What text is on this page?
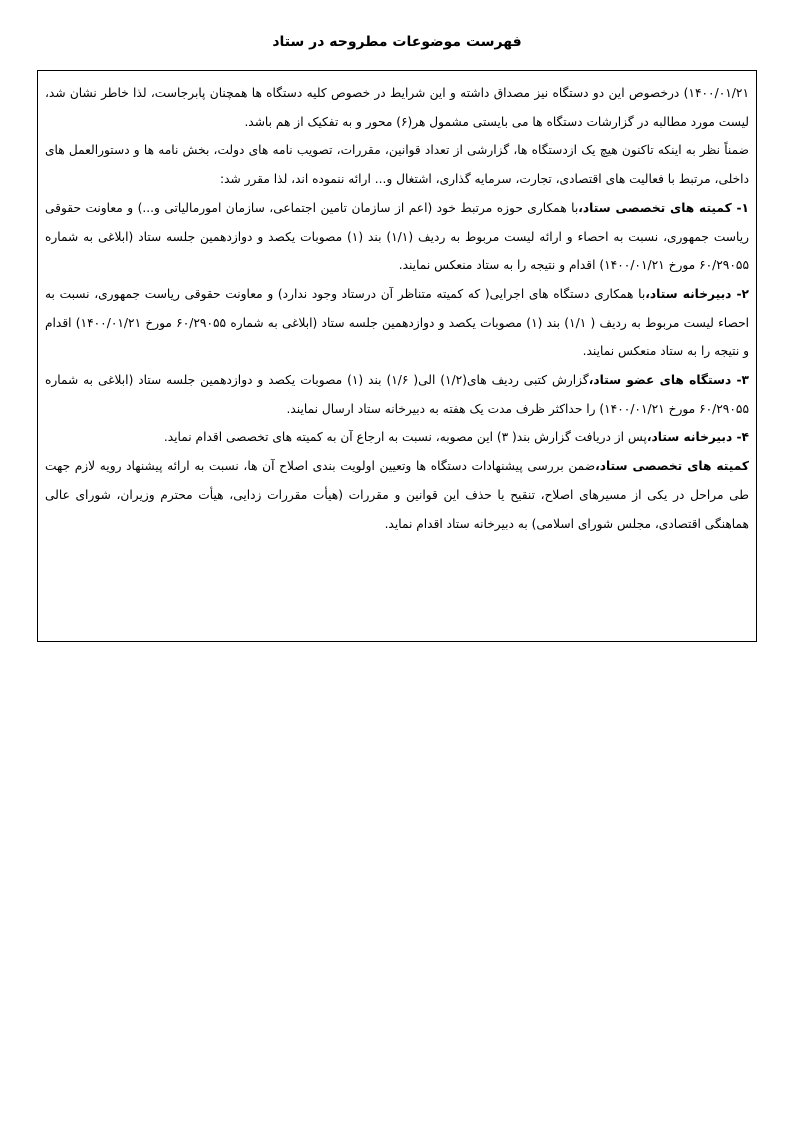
فهرست موضوعات مطروحه در ستاد

۱۴۰۰/۰۱/۲۱) درخصوص این دو دستگاه نیز مصداق داشته و این شرایط در خصوص کلیه دستگاه ها همچنان پابرجاست، لذا خاطر نشان شد، لیست مورد مطالبه در گزارشات دستگاه ها می بایستی مشمول هر(۶) محور و به تفکیک از هم باشد.

ضمناً نظر به اینکه تاکنون هیچ یک ازدستگاه ها، گزارشی از تعداد قوانین، مقررات، تصویب نامه های دولت، بخش نامه ها و دستورالعمل های داخلی، مرتبط با فعالیت های اقتصادی، تجارت، سرمایه گذاری، اشتغال و... ارائه ننموده اند، لذا مقرر شد:

۱- کمیته های تخصصی ستاد،با همکاری حوزه مرتبط خود (اعم از سازمان تامین اجتماعی، سازمان امورمالیاتی و...) و معاونت حقوقی ریاست جمهوری، نسبت به احصاء و ارائه لیست مربوط به ردیف (۱/۱) بند (۱) مصوبات یکصد و دوازدهمین جلسه ستاد (ابلاغی به شماره ۶۰/۲۹۰۵۵ مورخ ۱۴۰۰/۰۱/۲۱) اقدام و نتیجه را به ستاد منعکس نمایند.

۲- دبیرخانه ستاد،با همکاری دستگاه های اجرایی( که کمیته متناظر آن درستاد وجود ندارد) و معاونت حقوقی ریاست جمهوری، نسبت به احصاء لیست مربوط به ردیف ( ۱/۱) بند (۱) مصوبات یکصد و دوازدهمین جلسه ستاد (ابلاغی به شماره ۶۰/۲۹۰۵۵ مورخ ۱۴۰۰/۰۱/۲۱) اقدام و نتیجه را به ستاد منعکس نمایند.

۳- دستگاه های عضو ستاد،گزارش کتبی ردیف های(۱/۲) الی( ۱/۶) بند (۱) مصوبات یکصد و دوازدهمین جلسه ستاد (ابلاغی به شماره ۶۰/۲۹۰۵۵ مورخ ۱۴۰۰/۰۱/۲۱) را حداکثر ظرف مدت یک هفته به دبیرخانه ستاد ارسال نمایند.

۴- دبیرخانه ستاد،پس از دریافت گزارش بند( ۳) این مصوبه، نسبت به ارجاع آن به کمیته های تخصصی اقدام نماید.

کمیته های تخصصی ستاد،ضمن بررسی پیشنهادات دستگاه ها وتعیین اولویت بندی اصلاح آن ها، نسبت به ارائه پیشنهاد رویه لازم جهت طی مراحل در یکی از مسیرهای اصلاح، تنقیح یا حذف این قوانین و مقررات (هیأت مقررات زدایی، هیأت محترم وزیران، شورای عالی هماهنگی اقتصادی، مجلس شورای اسلامی) به دبیرخانه ستاد اقدام نماید.
